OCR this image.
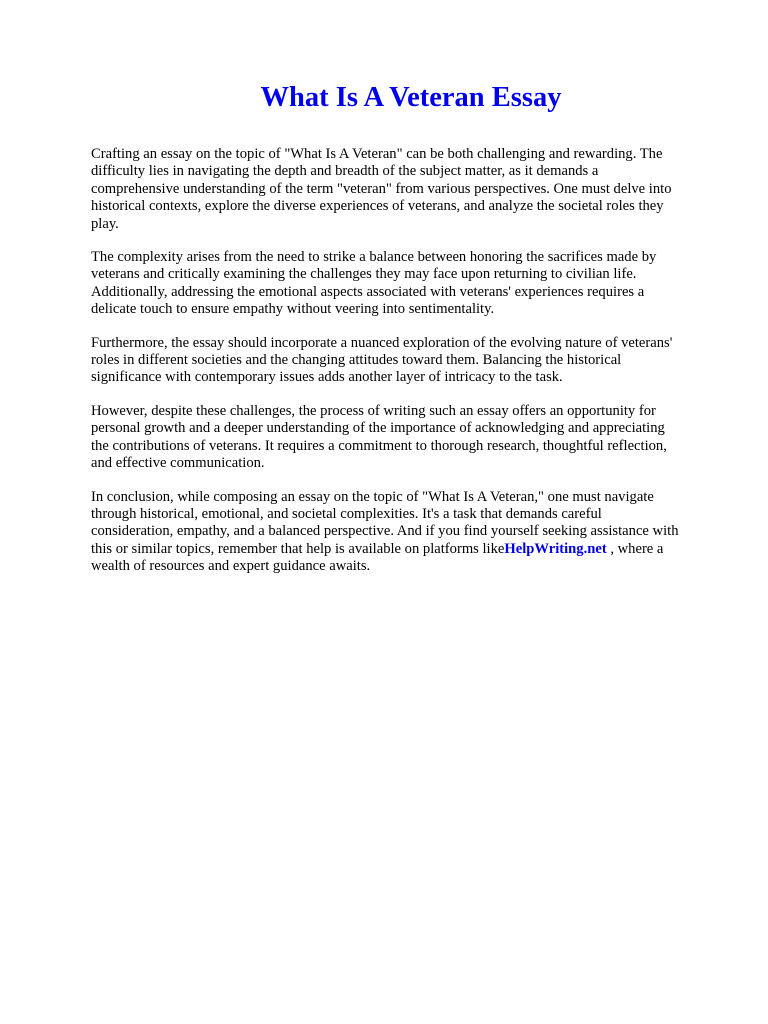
What Is A Veteran Essay

Crafting an essay on the topic of "What Is A Veteran" can be both challenging and rewarding. The
difficulty lies in navigating the depth and breadth of the subject matter, as it demands a
comprehensive understanding of the term "veteran" from various perspectives. One must delve into
historical contexts, explore the diverse experiences of veterans, and analyze the societal roles they
play.

The complexity arises from the need to strike a balance between honoring the sacrifices made by
veterans and critically examining the challenges they may face upon returning to civilian life.
Additionally, addressing the emotional aspects associated with veterans' experiences requires a
delicate touch to ensure empathy without veering into sentimentality.

Furthermore, the essay should incorporate a nuanced exploration of the evolving nature of veterans'
roles in different societies and the changing attitudes toward them. Balancing the historical
significance with contemporary issues adds another layer of intricacy to the task.

However, despite these challenges, the process of writing such an essay offers an opportunity for
personal growth and a deeper understanding of the importance of acknowledging and appreciating
the contributions of veterans. It requires a commitment to thorough research, thoughtful reflection,
and effective communication.

In conclusion, while composing an essay on the topic of "What Is A Veteran," one must navigate
through historical, emotional, and societal complexities. It's a task that demands careful
consideration, empathy, and a balanced perspective. And if you find yourself seeking assistance with
this or similar topics, remember that help is available on platforms likeHelpWriting.net , where a
wealth of resources and expert guidance awaits.
